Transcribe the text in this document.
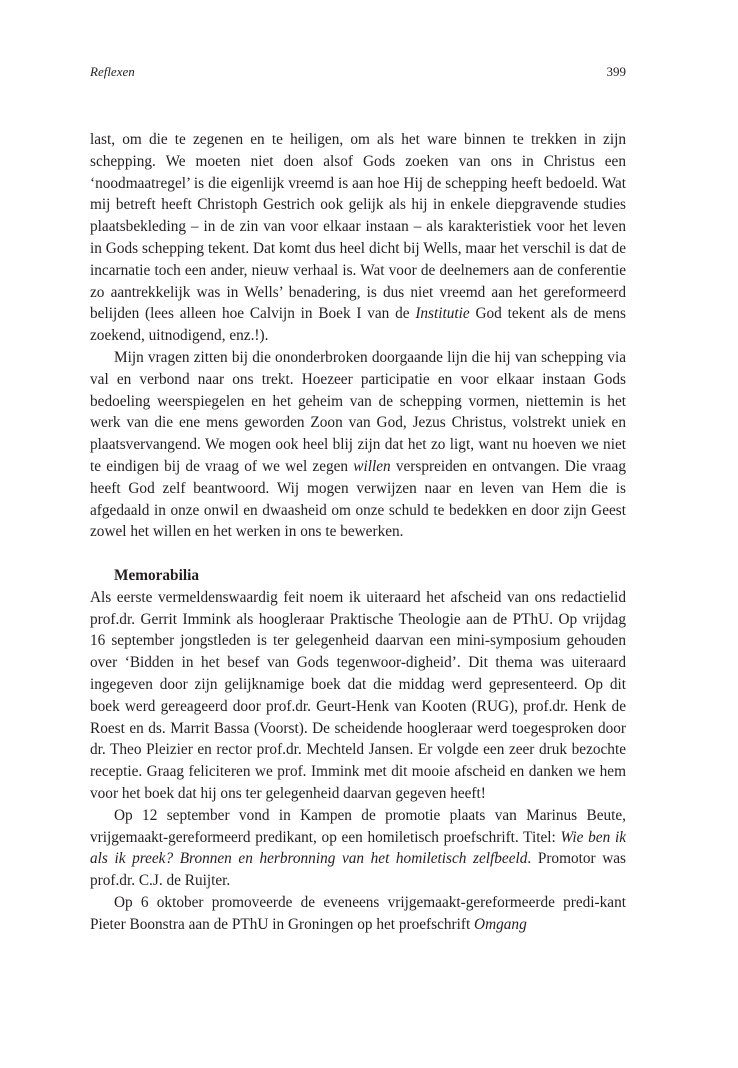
Reflexen	399

last, om die te zegenen en te heiligen, om als het ware binnen te trekken in zijn schepping. We moeten niet doen alsof Gods zoeken van ons in Christus een ‘noodmaatregel’ is die eigenlijk vreemd is aan hoe Hij de schepping heeft bedoeld. Wat mij betreft heeft Christoph Gestrich ook gelijk als hij in enkele diepgravende studies plaatsbekleding – in de zin van voor elkaar instaan – als karakteristiek voor het leven in Gods schepping tekent. Dat komt dus heel dicht bij Wells, maar het verschil is dat de incarnatie toch een ander, nieuw verhaal is. Wat voor de deelnemers aan de conferentie zo aantrekkelijk was in Wells’ benadering, is dus niet vreemd aan het gereformeerd belijden (lees alleen hoe Calvijn in Boek I van de Institutie God tekent als de mens zoekend, uitnodigend, enz.!).

Mijn vragen zitten bij die ononderbroken doorgaande lijn die hij van schepping via val en verbond naar ons trekt. Hoezeer participatie en voor elkaar instaan Gods bedoeling weerspiegelen en het geheim van de schepping vormen, niettemin is het werk van die ene mens geworden Zoon van God, Jezus Christus, volstrekt uniek en plaatsvervangend. We mogen ook heel blij zijn dat het zo ligt, want nu hoeven we niet te eindigen bij de vraag of we wel zegen willen verspreiden en ontvangen. Die vraag heeft God zelf beantwoord. Wij mogen verwijzen naar en leven van Hem die is afgedaald in onze onwil en dwaasheid om onze schuld te bedekken en door zijn Geest zowel het willen en het werken in ons te bewerken.

Memorabilia

Als eerste vermeldenswaardig feit noem ik uiteraard het afscheid van ons redactielid prof.dr. Gerrit Immink als hoogleraar Praktische Theologie aan de PThU. Op vrijdag 16 september jongstleden is ter gelegenheid daarvan een mini-symposium gehouden over ‘Bidden in het besef van Gods tegenwoor-digheid’. Dit thema was uiteraard ingegeven door zijn gelijknamige boek dat die middag werd gepresenteerd. Op dit boek werd gereageerd door prof.dr. Geurt-Henk van Kooten (RUG), prof.dr. Henk de Roest en ds. Marrit Bassa (Voorst). De scheidende hoogleraar werd toegesproken door dr. Theo Pleizier en rector prof.dr. Mechteld Jansen. Er volgde een zeer druk bezochte receptie. Graag feliciteren we prof. Immink met dit mooie afscheid en danken we hem voor het boek dat hij ons ter gelegenheid daarvan gegeven heeft!

Op 12 september vond in Kampen de promotie plaats van Marinus Beute, vrijgemaakt-gereformeerd predikant, op een homiletisch proefschrift. Titel: Wie ben ik als ik preek? Bronnen en herbronning van het homiletisch zelfbeeld. Promotor was prof.dr. C.J. de Ruijter.

Op 6 oktober promoveerde de eveneens vrijgemaakt-gereformeerde predi-kant Pieter Boonstra aan de PThU in Groningen op het proefschrift Omgang
